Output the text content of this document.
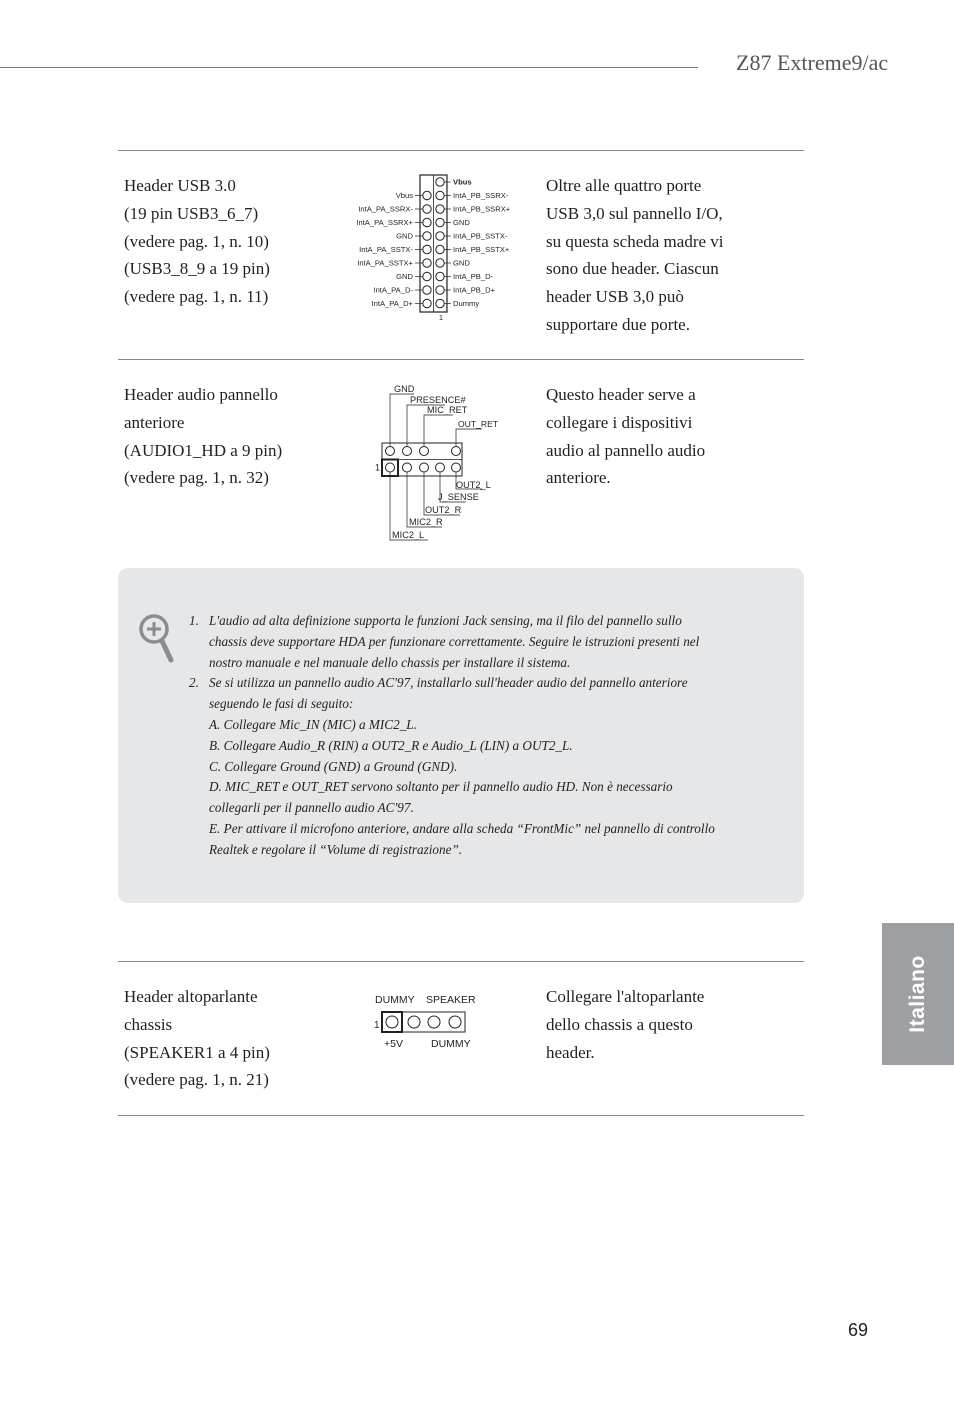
Z87 Extreme9/ac
Header USB 3.0
(19 pin USB3_6_7)
(vedere pag. 1, n. 10)
(USB3_8_9 a 19 pin)
(vedere pag. 1, n. 11)
Oltre alle quattro porte
USB 3,0 sul pannello I/O,
su questa scheda madre vi
sono due header. Ciascun
header USB 3,0 può
supportare due porte.
Vbus
IntA_PA_SSRX-
IntA_PA_SSRX+
GND
IntA_PA_SSTX-
IntA_PA_SSTX+
GND
IntA_PA_D-
IntA_PA_D+
Vbus
IntA_PB_SSRX-
IntA_PB_SSRX+
GND
IntA_PB_SSTX-
IntA_PB_SSTX+
GND
IntA_PB_D-
IntA_PB_D+
Dummy
1
Header audio pannello
anteriore
(AUDIO1_HD a 9 pin)
(vedere pag. 1, n. 32)
Questo header serve a
collegare i dispositivi
audio al pannello audio
anteriore.
GND
PRESENCE#
MIC_RET
OUT_RET
OUT2_L
J_SENSE
OUT2_R
MIC2_R
MIC2_L
1
1. L'audio ad alta definizione supporta le funzioni Jack sensing, ma il filo del pannello sullo
chassis deve supportare HDA per funzionare correttamente. Seguire le istruzioni presenti nel
nostro manuale e nel manuale dello chassis per installare il sistema.
2. Se si utilizza un pannello audio AC'97, installarlo sull'header audio del pannello anteriore
seguendo le fasi di seguito:
A. Collegare Mic_IN (MIC) a MIC2_L.
B. Collegare Audio_R (RIN) a OUT2_R e Audio_L (LIN) a OUT2_L.
C. Collegare Ground (GND) a Ground (GND).
D. MIC_RET e OUT_RET servono soltanto per il pannello audio HD. Non è necessario
collegarli per il pannello audio AC'97.
E. Per attivare il microfono anteriore, andare alla scheda “FrontMic” nel pannello di controllo
Realtek e regolare il “Volume di registrazione”.
Header altoparlante
chassis
(SPEAKER1 a 4 pin)
(vedere pag. 1, n. 21)
Collegare l'altoparlante
dello chassis a questo
header.
DUMMY SPEAKER
+5V	DUMMY
1	Italiano
69
